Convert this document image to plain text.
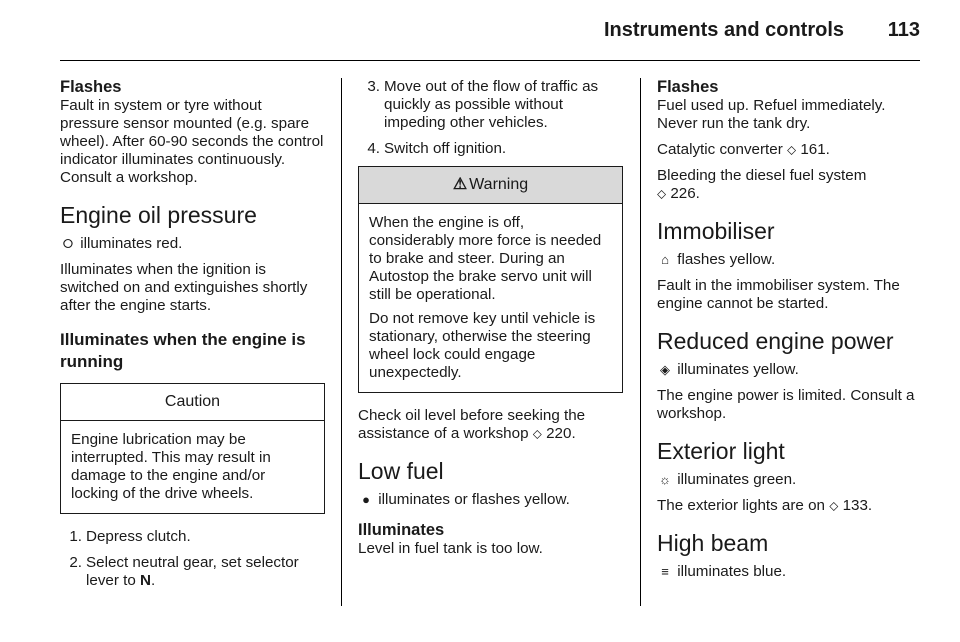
Instruments and controls 113
Flashes

Fault in system or tyre without pressure sensor mounted (e.g. spare wheel). After 60-90 seconds the control indicator illuminates continuously. Consult a workshop.

Engine oil pressure

⭘ illuminates red.

Illuminates when the ignition is switched on and extinguishes shortly after the engine starts.

Illuminates when the engine is running
Caution

Engine lubrication may be interrupted. This may result in damage to the engine and/or locking of the drive wheels.

1. Depress clutch.
2. Select neutral gear, set selector lever to N.
3. Move out of the flow of traffic as quickly as possible without impeding other vehicles.
4. Switch off ignition.
⚠ Warning

When the engine is off, considerably more force is needed to brake and steer. During an Autostop the brake servo unit will still be operational.

Do not remove key until vehicle is stationary, otherwise the steering wheel lock could engage unexpectedly.

Check oil level before seeking the assistance of a workshop ⬦ 220.

Low fuel

● illuminates or flashes yellow.

Illuminates

Level in fuel tank is too low.

Flashes

Fuel used up. Refuel immediately. Never run the tank dry.

Catalytic converter ⬦ 161.

Bleeding the diesel fuel system
⬦ 226.

Immobiliser

⌂ flashes yellow.

Fault in the immobiliser system. The engine cannot be started.

Reduced engine power

◈ illuminates yellow.

The engine power is limited. Consult a workshop.

Exterior light

☼ illuminates green.

The exterior lights are on ⬦ 133.

High beam

≡ illuminates blue.
